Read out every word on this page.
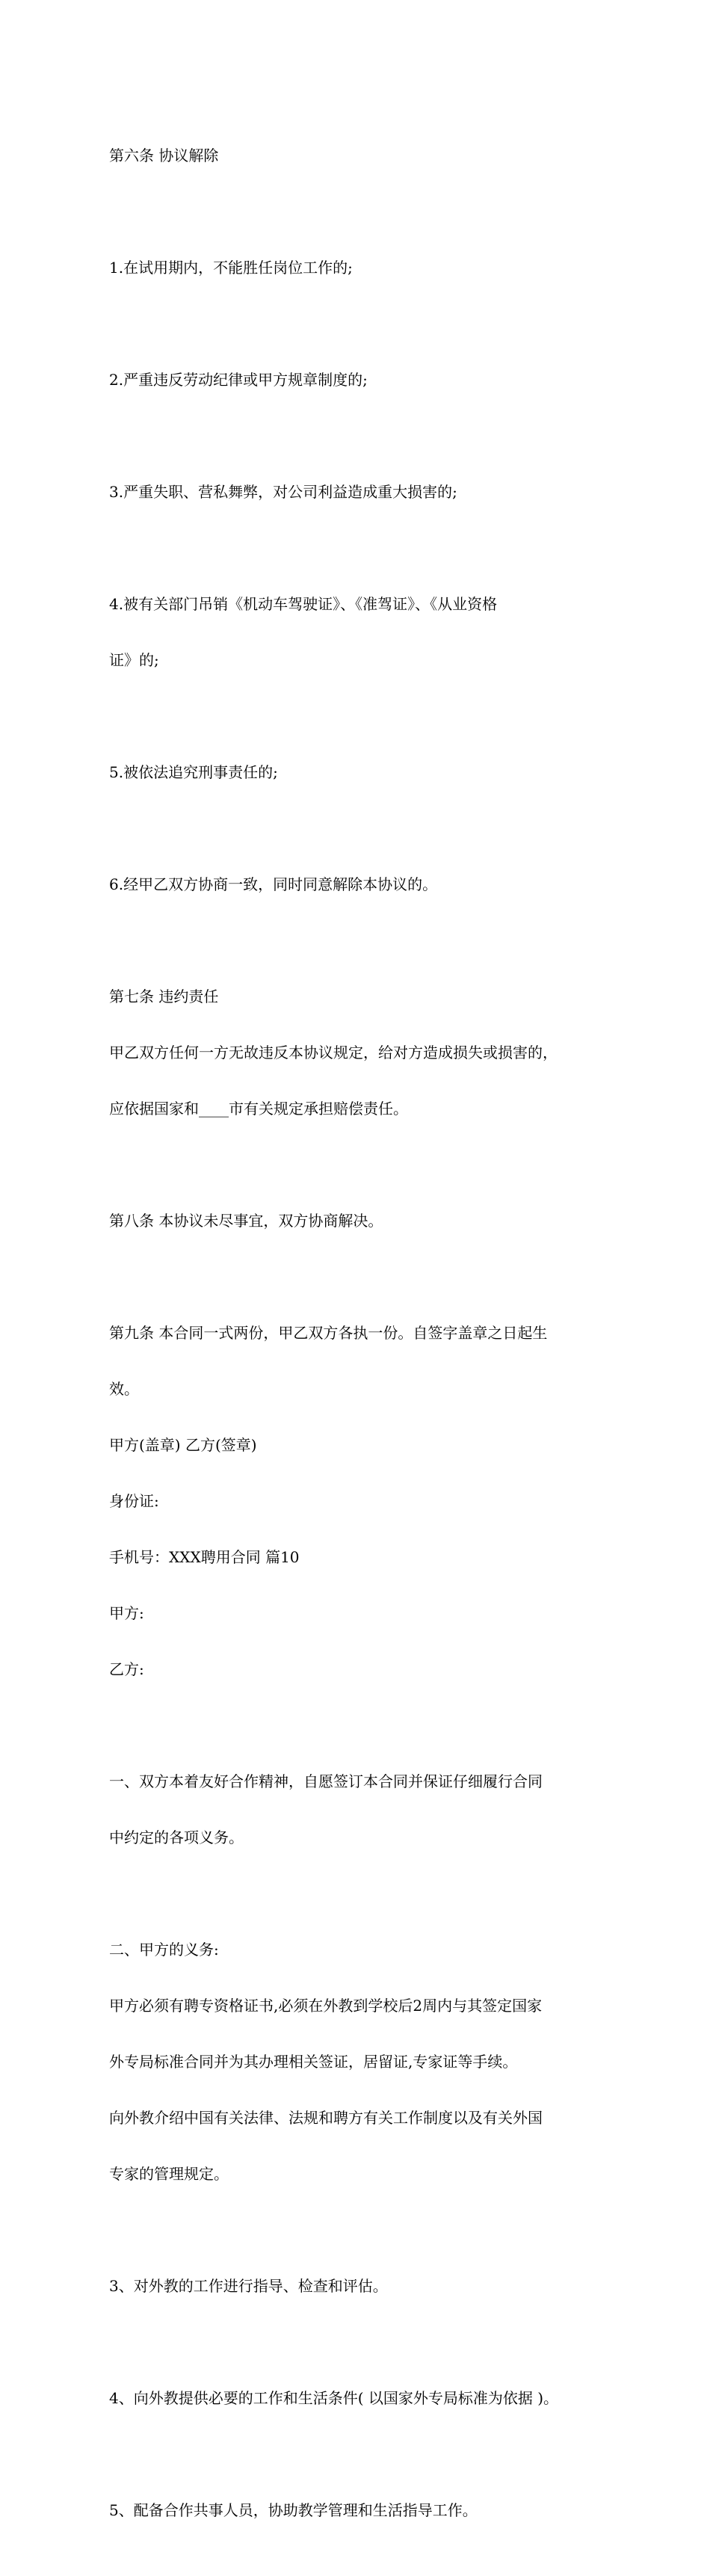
第六条 协议解除

1.在试用期内，不能胜任岗位工作的;

2.严重违反劳动纪律或甲方规章制度的;

3.严重失职、营私舞弊，对公司利益造成重大损害的;

4.被有关部门吊销《机动车驾驶证》、《准驾证》、《从业资格

证》的;

5.被依法追究刑事责任的;

6.经甲乙双方协商一致，同时同意解除本协议的。

第七条 违约责任

甲乙双方任何一方无故违反本协议规定，给对方造成损失或损害的，

应依据国家和____市有关规定承担赔偿责任。

第八条 本协议未尽事宜，双方协商解决。

第九条 本合同一式两份，甲乙双方各执一份。自签字盖章之日起生

效。

甲方(盖章) 乙方(签章)

身份证:

手机号：XXX聘用合同 篇10

甲方:

乙方:

一、双方本着友好合作精神，自愿签订本合同并保证仔细履行合同

中约定的各项义务。

二、甲方的义务:

甲方必须有聘专资格证书,必须在外教到学校后2周内与其签定国家

外专局标准合同并为其办理相关签证，居留证,专家证等手续。

向外教介绍中国有关法律、法规和聘方有关工作制度以及有关外国

专家的管理规定。

3、对外教的工作进行指导、检查和评估。

4、向外教提供必要的工作和生活条件( 以国家外专局标准为依据 )。

5、配备合作共事人员，协助教学管理和生活指导工作。
